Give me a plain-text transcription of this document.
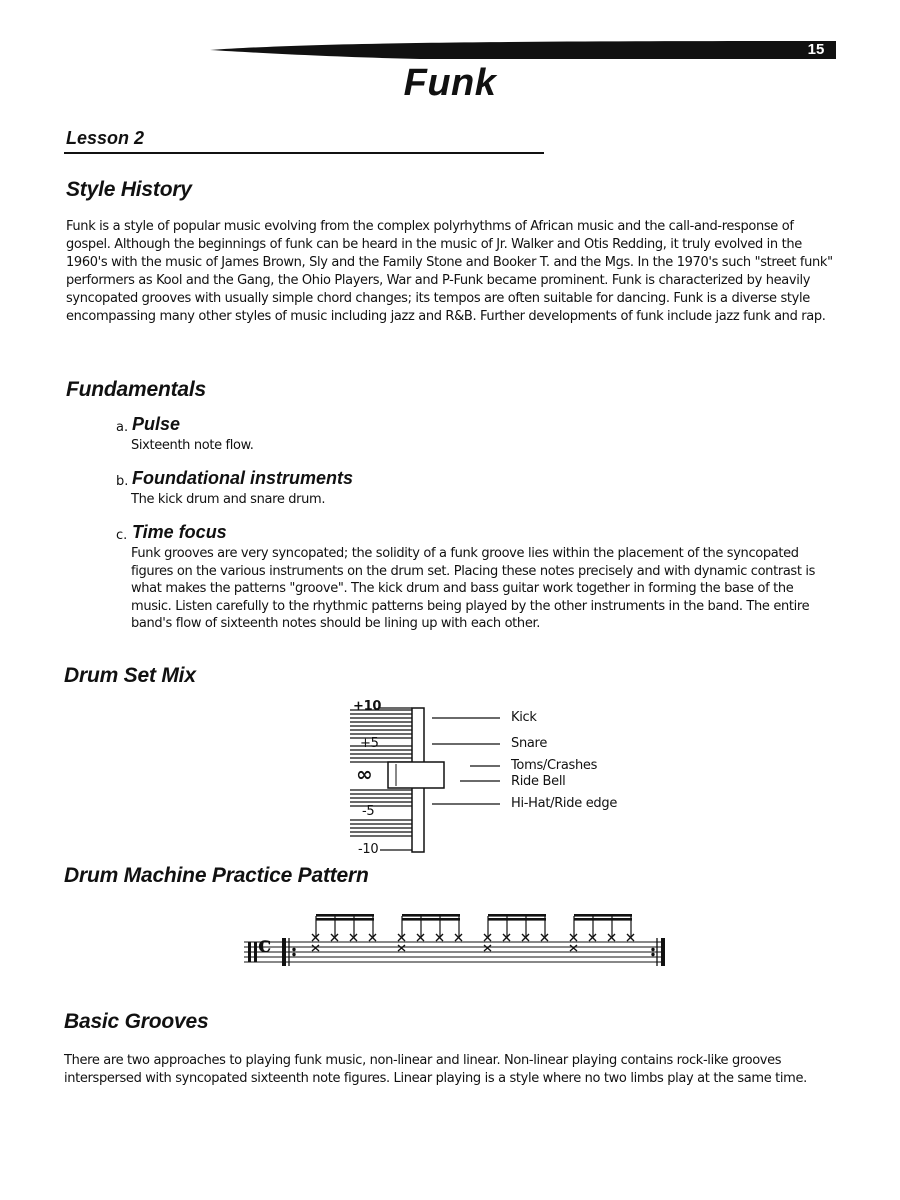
15
Funk
Lesson 2
Style History
Funk is a style of popular music evolving from the complex polyrhythms of African music and the call-and-response of gospel. Although the beginnings of funk can be heard in the music of Jr. Walker and Otis Redding, it truly evolved in the 1960's with the music of James Brown, Sly and the Family Stone and Booker T. and the Mgs. In the 1970's such "street funk" performers as Kool and the Gang, the Ohio Players, War and P-Funk became prominent. Funk is characterized by heavily syncopated grooves with usually simple chord changes; its tempos are often suitable for dancing. Funk is a diverse style encompassing many other styles of music including jazz and R&B. Further developments of funk include jazz funk and rap.
Fundamentals
a. Pulse
Sixteenth note flow.
b. Foundational instruments
The kick drum and snare drum.
c. Time focus
Funk grooves are very syncopated; the solidity of a funk groove lies within the placement of the syncopated figures on the various instruments on the drum set. Placing these notes precisely and with dynamic contrast is what makes the patterns "groove". The kick drum and bass guitar work together in forming the base of the music. Listen carefully to the rhythmic patterns being played by the other instruments in the band. The entire band's flow of sixteenth notes should be lining up with each other.
Drum Set Mix
+10
+5
∞
-5
-10
Kick
Snare
Toms/Crashes
Ride Bell
Hi-Hat/Ride edge
Drum Machine Practice Pattern
c
Basic Grooves
There are two approaches to playing funk music, non-linear and linear. Non-linear playing contains rock-like grooves interspersed with syncopated sixteenth note figures. Linear playing is a style where no two limbs play at the same time.
